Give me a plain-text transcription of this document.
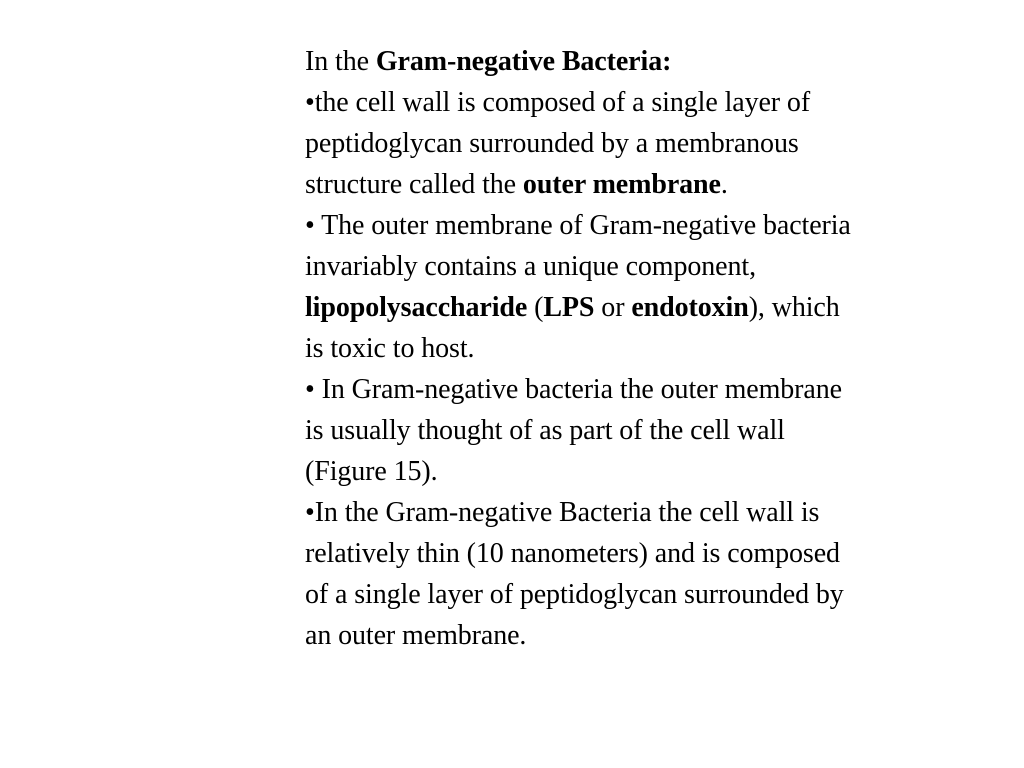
In the Gram-negative Bacteria:
•the cell wall is composed of a single layer of
peptidoglycan surrounded by a membranous
structure called the outer membrane.
• The outer membrane of Gram-negative bacteria
invariably contains a unique component,
lipopolysaccharide (LPS or endotoxin), which
is toxic to host.
• In Gram-negative bacteria the outer membrane
is usually thought of as part of the cell wall
(Figure 15).
•In the Gram-negative Bacteria the cell wall is
relatively thin (10 nanometers) and is composed
of a single layer of peptidoglycan surrounded by
an outer membrane.
